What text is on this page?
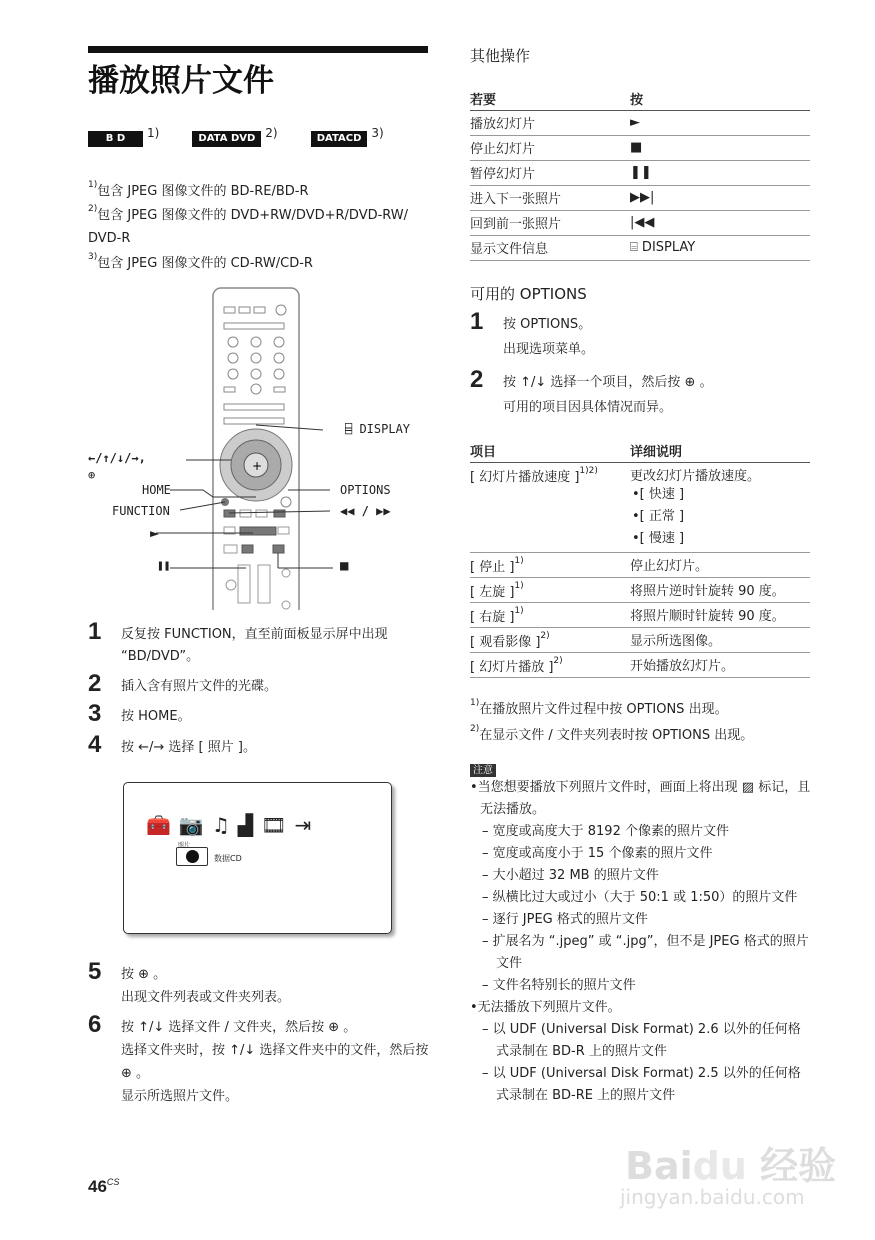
播放照片文件
B D $^{1)}$	DATA DVD $^{2)}$	DATACD $^{3)}$
$^{1)}$包含 JPEG 图像文件的 BD-RE/BD-R
$^{2)}$包含 JPEG 图像文件的 DVD+RW/DVD+R/DVD-RW/ DVD-R
$^{3)}$包含 JPEG 图像文件的 CD-RW/CD-R
+
⌸ DISPLAY
←/↑/↓/→,
⊕
HOME
FUNCTION
►
❚❚
OPTIONS
◀◀ / ▶▶
■
1 反复按 FUNCTION，直至前面板显示屏中出现 “BD/DVD”。
2 插入含有照片文件的光碟。
3 按 HOME。
4 按 ←/→ 选择 [ 照片 ]。
🧰📷♫▟🎞⇥
照片
数据CD
5 按 ⊕ 。
出现文件列表或文件夹列表。
6 按 ↑/↓ 选择文件 / 文件夹，然后按 ⊕ 。
选择文件夹时，按 ↑/↓ 选择文件夹中的文件，然后按 ⊕ 。
显示所选照片文件。
$46^{CS}$
其他操作
若要	按
播放幻灯片	►
停止幻灯片	■
暂停幻灯片	❚❚
进入下一张照片	▶▶|
回到前一张照片	|◀◀
显示文件信息	⌸ DISPLAY
可用的 OPTIONS
1 按 OPTIONS。
出现选项菜单。
2 按 ↑/↓ 选择一个项目，然后按 ⊕ 。
可用的项目因具体情况而异。
项目	详细说明
[ 幻灯片播放速度 ]$^{1)2)}$	更改幻灯片播放速度。
•[ 快速 ]
•[ 正常 ]
•[ 慢速 ]

[ 停止 ]$^{1)}$	停止幻灯片。

[ 左旋 ]$^{1)}$	将照片逆时针旋转 90 度。

[ 右旋 ]$^{1)}$	将照片顺时针旋转 90 度。

[ 观看影像 ]$^{2)}$	显示所选图像。

[ 幻灯片播放 ]$^{2)}$	开始播放幻灯片。
$^{1)}$在播放照片文件过程中按 OPTIONS 出现。
$^{2)}$在显示文件 / 文件夹列表时按 OPTIONS 出现。
注意
•当您想要播放下列照片文件时，画面上将出现 ▨ 标记，且无法播放。
– 宽度或高度大于 8192 个像素的照片文件
– 宽度或高度小于 15 个像素的照片文件
– 大小超过 32 MB 的照片文件
– 纵横比过大或过小（大于 50:1 或 1:50）的照片文件
– 逐行 JPEG 格式的照片文件
– 扩展名为 “.jpeg” 或 “.jpg”，但不是 JPEG 格式的照片文件
– 文件名特别长的照片文件
•无法播放下列照片文件。
– 以 UDF (Universal Disk Format) 2.6 以外的任何格式录制在 BD-R 上的照片文件
– 以 UDF (Universal Disk Format) 2.5 以外的任何格式录制在 BD-RE 上的照片文件
Baidu 经验
jingyan.baidu.com
